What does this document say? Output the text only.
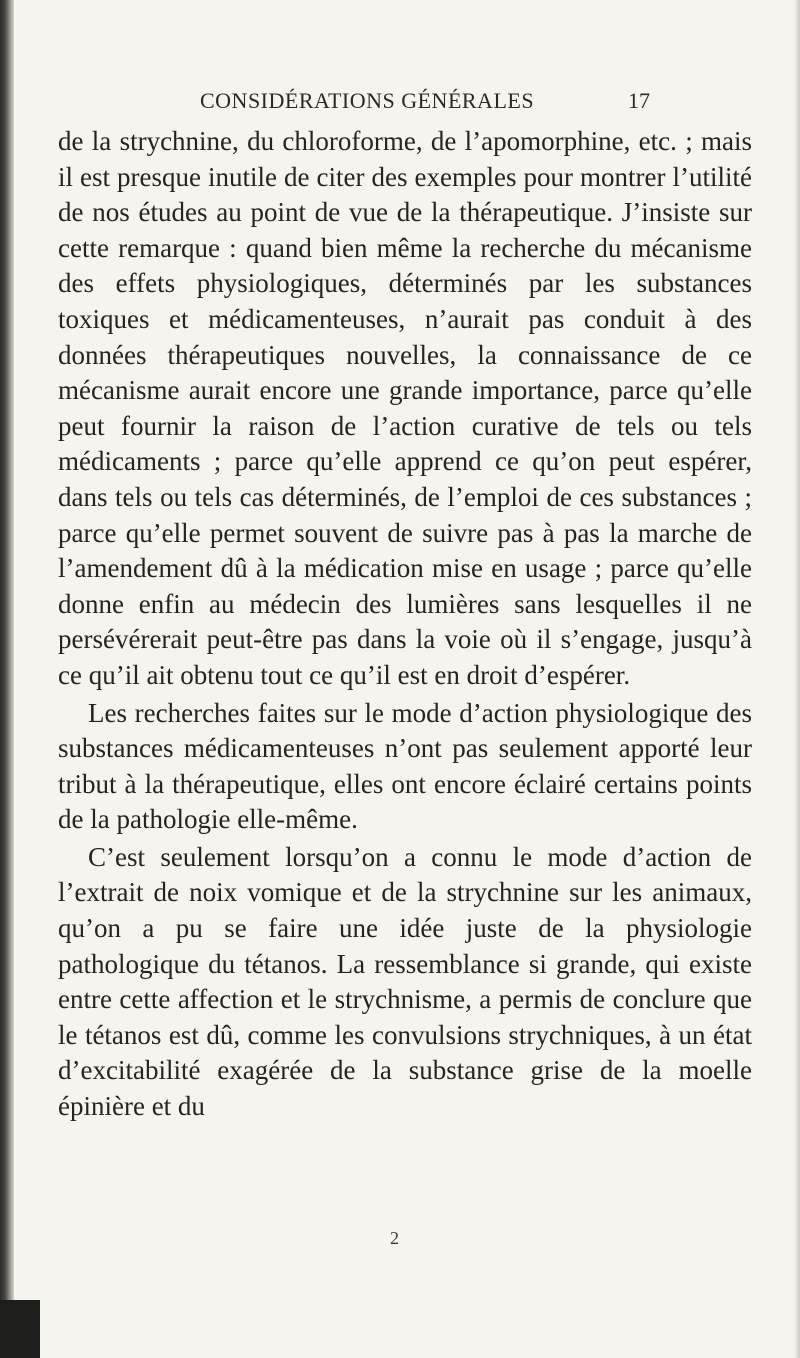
CONSIDÉRATIONS GÉNÉRALES	17

de la strychnine, du chloroforme, de l’apomorphine, etc. ; mais il est presque inutile de citer des exemples pour montrer l’utilité de nos études au point de vue de la thérapeutique. J’insiste sur cette remarque : quand bien même la recherche du mécanisme des effets physiologiques, déterminés par les substances toxiques et médicamenteuses, n’aurait pas conduit à des données thérapeutiques nouvelles, la connaissance de ce mécanisme aurait encore une grande importance, parce qu’elle peut fournir la raison de l’action curative de tels ou tels médicaments ; parce qu’elle apprend ce qu’on peut espérer, dans tels ou tels cas déterminés, de l’emploi de ces substances ; parce qu’elle permet souvent de suivre pas à pas la marche de l’amendement dû à la médication mise en usage ; parce qu’elle donne enfin au médecin des lumières sans lesquelles il ne persévérerait peut-être pas dans la voie où il s’engage, jusqu’à ce qu’il ait obtenu tout ce qu’il est en droit d’espérer.

Les recherches faites sur le mode d’action physiologique des substances médicamenteuses n’ont pas seulement apporté leur tribut à la thérapeutique, elles ont encore éclairé certains points de la pathologie elle-même.

C’est seulement lorsqu’on a connu le mode d’action de l’extrait de noix vomique et de la strychnine sur les animaux, qu’on a pu se faire une idée juste de la physiologie pathologique du tétanos. La ressemblance si grande, qui existe entre cette affection et le strychnisme, a permis de conclure que le tétanos est dû, comme les convulsions strychniques, à un état d’excitabilité exagérée de la substance grise de la moelle épinière et du

2
